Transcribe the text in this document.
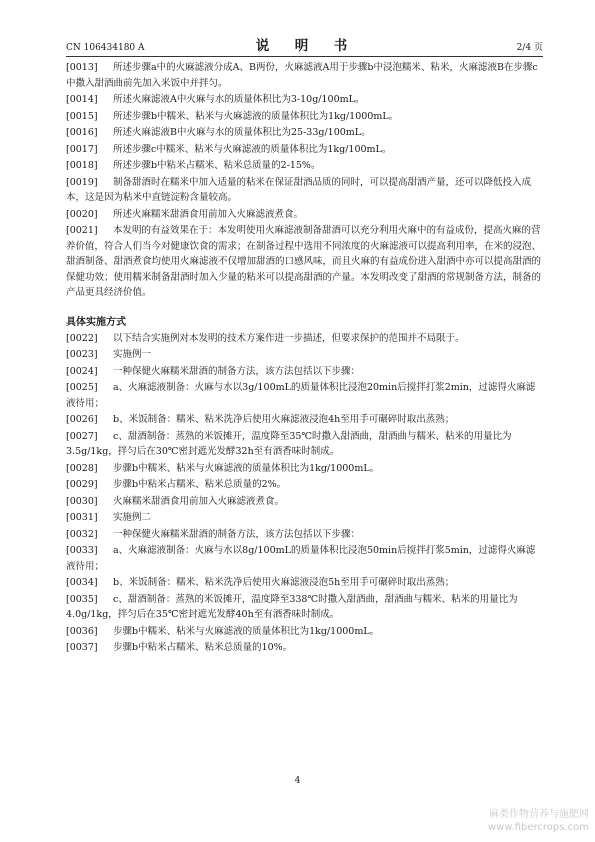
CN 106434180 A	说　明　书	2/4 页
[0013] 所述步骤a中的火麻滤液分成A、B两份，火麻滤液A用于步骤b中浸泡糯米、粘米，火麻滤液B在步骤c中撒入甜酒曲前先加入米饭中并拌匀。
[0014] 所述火麻滤液A中火麻与水的质量体积比为3-10g/100mL。
[0015] 所述步骤b中糯米、粘米与火麻滤液的质量体积比为1kg/1000mL。
[0016] 所述火麻滤液B中火麻与水的质量体积比为25-33g/100mL。
[0017] 所述步骤c中糯米、粘米与火麻滤液的质量体积比为1kg/100mL。
[0018] 所述步骤b中粘米占糯米、粘米总质量的2-15%。
[0019] 制备甜酒时在糯米中加入适量的粘米在保证甜酒品质的同时，可以提高甜酒产量，还可以降低投入成本，这是因为粘米中直链淀粉含量较高。
[0020] 所述火麻糯米甜酒食用前加入火麻滤液煮食。
[0021] 本发明的有益效果在于：本发明使用火麻滤液制备甜酒可以充分利用火麻中的有益成份，提高火麻的营养价值，符合人们当今对健康饮食的需求；在制备过程中选用不同浓度的火麻滤液可以提高利用率，在米的浸泡、甜酒制备、甜酒煮食均使用火麻滤液不仅增加甜酒的口感风味，而且火麻的有益成份进入甜酒中亦可以提高甜酒的保健功效；使用糯米制备甜酒时加入少量的粘米可以提高甜酒的产量。本发明改变了甜酒的常规制备方法，制备的产品更具经济价值。
具体实施方式
[0022] 以下结合实施例对本发明的技术方案作进一步描述，但要求保护的范围并不局限于。
[0023] 实施例一
[0024] 一种保健火麻糯米甜酒的制备方法，该方法包括以下步骤：
[0025] a、火麻滤液制备：火麻与水以3g/100mL的质量体积比浸泡20min后搅拌打浆2min，过滤得火麻滤液待用；
[0026] b、米饭制备：糯米、粘米洗净后使用火麻滤液浸泡4h至用手可碾碎时取出蒸熟；
[0027] c、甜酒制备：蒸熟的米饭摊开，温度降至35℃时撒入甜酒曲，甜酒曲与糯米、粘米的用量比为3.5g/1kg，拌匀后在30℃密封遮光发酵32h至有酒香味时制成。
[0028] 步骤b中糯米、粘米与火麻滤液的质量体积比为1kg/1000mL。
[0029] 步骤b中粘米占糯米、粘米总质量的2%。
[0030] 火麻糯米甜酒食用前加入火麻滤液煮食。
[0031] 实施例二
[0032] 一种保健火麻糯米甜酒的制备方法，该方法包括以下步骤：
[0033] a、火麻滤液制备：火麻与水以8g/100mL的质量体积比浸泡50min后搅拌打浆5min，过滤得火麻滤液待用；
[0034] b、米饭制备：糯米、粘米洗净后使用火麻滤液浸泡5h至用手可碾碎时取出蒸熟；
[0035] c、甜酒制备：蒸熟的米饭摊开，温度降至338℃时撒入甜酒曲，甜酒曲与糯米、粘米的用量比为4.0g/1kg，拌匀后在35℃密封遮光发酵40h至有酒香味时制成。
[0036] 步骤b中糯米、粘米与火麻滤液的质量体积比为1kg/1000mL。
[0037] 步骤b中粘米占糯米、粘米总质量的10%。
4
麻类作物营养与施肥网
www.fibercrops.com
